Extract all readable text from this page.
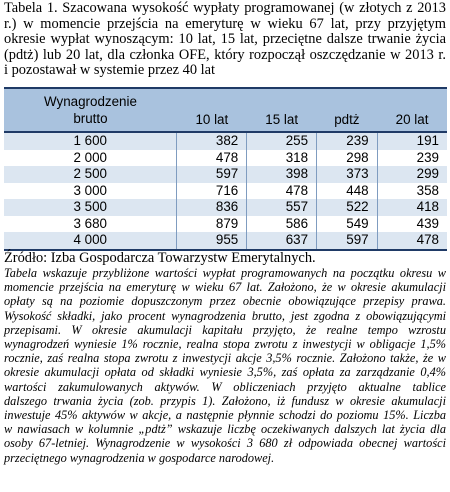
Tabela 1. Szacowana wysokość wypłaty programowanej (w złotych z 2013
r.) w momencie przejścia na emeryturę w wieku 67 lat, przy przyjętym
okresie wypłat wynoszącym: 10 lat, 15 lat, przeciętne dalsze trwanie życia
(pdtż) lub 20 lat, dla członka OFE, który rozpoczął oszczędzanie w 2013 r.
i pozostawał w systemie przez 40 lat
Wynagrodzenie
brutto	10 lat	15 lat	pdtż	20 lat
1 600	382	255	239	191
2 000	478	318	298	239
2 500	597	398	373	299
3 000	716	478	448	358
3 500	836	557	522	418
3 680	879	586	549	439
4 000	955	637	597	478
Źródło: Izba Gospodarcza Towarzystw Emerytalnych.
Tabela wskazuje przybliżone wartości wypłat programowanych na początku okresu w
momencie przejścia na emeryturę w wieku 67 lat. Założono, że w okresie akumulacji
opłaty są na poziomie dopuszczonym przez obecnie obowiązujące przepisy prawa.
Wysokość składki, jako procent wynagrodzenia brutto, jest zgodna z obowiązującymi
przepisami. W okresie akumulacji kapitału przyjęto, że realne tempo wzrostu
wynagrodzeń wyniesie 1% rocznie, realna stopa zwrotu z inwestycji w obligacje 1,5%
rocznie, zaś realna stopa zwrotu z inwestycji akcje 3,5% rocznie. Założono także, że w
okresie akumulacji opłata od składki wyniesie 3,5%, zaś opłata za zarządzanie 0,4%
wartości zakumulowanych aktywów. W obliczeniach przyjęto aktualne tablice
dalszego trwania życia (zob. przypis 1). Założono, iż fundusz w okresie akumulacji
inwestuje 45% aktywów w akcje, a następnie płynnie schodzi do poziomu 15%. Liczba
w nawiasach w kolumnie „pdtż” wskazuje liczbę oczekiwanych dalszych lat życia dla
osoby 67-letniej. Wynagrodzenie w wysokości 3 680 zł odpowiada obecnej wartości
przeciętnego wynagrodzenia w gospodarce narodowej.
